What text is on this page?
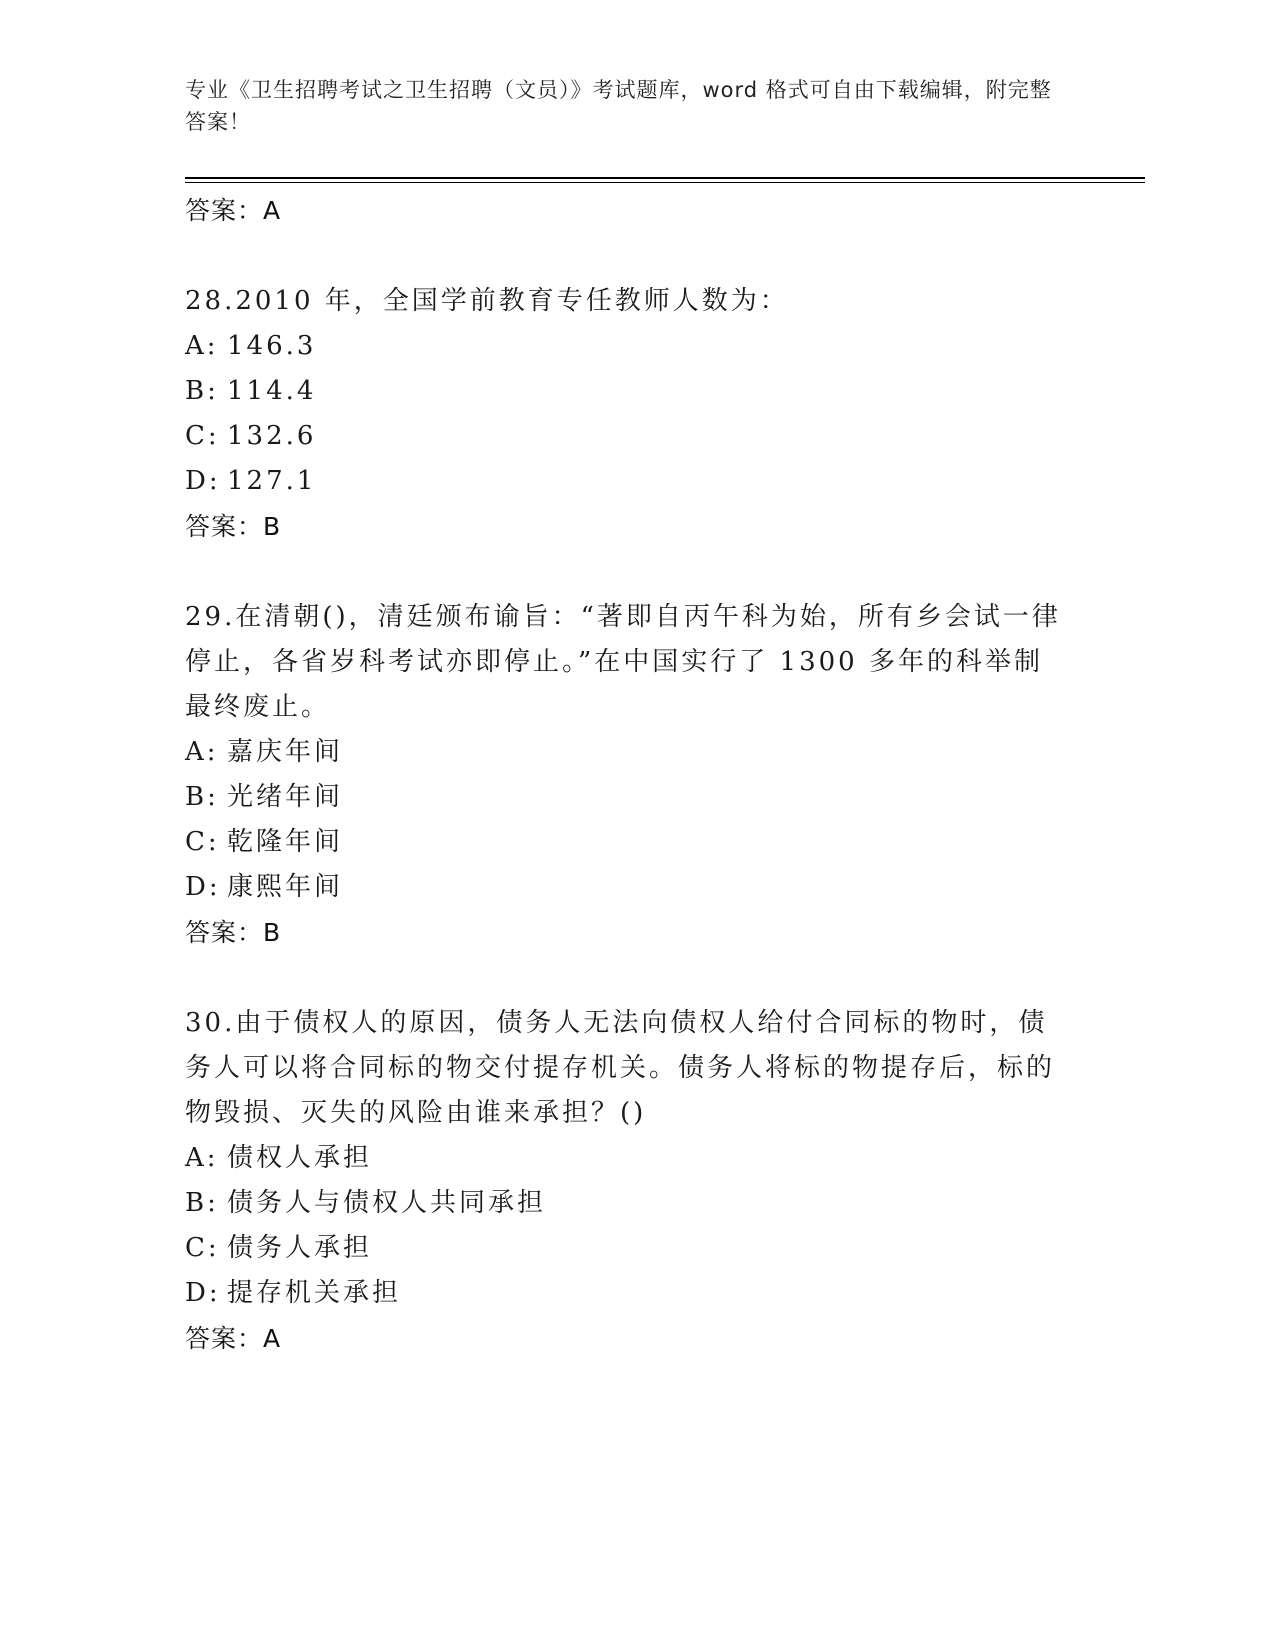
专业《卫生招聘考试之卫生招聘（文员）》考试题库，word 格式可自由下载编辑，附完整答案！
答案：A
28.2010 年，全国学前教育专任教师人数为：
A: 146.3
B: 114.4
C: 132.6
D: 127.1
答案：B
29.在清朝()，清廷颁布谕旨：“著即自丙午科为始，所有乡会试一律停止，各省岁科考试亦即停止。”在中国实行了 1300 多年的科举制最终废止。
A: 嘉庆年间
B: 光绪年间
C: 乾隆年间
D: 康熙年间
答案：B
30.由于债权人的原因，债务人无法向债权人给付合同标的物时，债务人可以将合同标的物交付提存机关。债务人将标的物提存后，标的物毁损、灭失的风险由谁来承担？()
A: 债权人承担
B: 债务人与债权人共同承担
C: 债务人承担
D: 提存机关承担
答案：A
